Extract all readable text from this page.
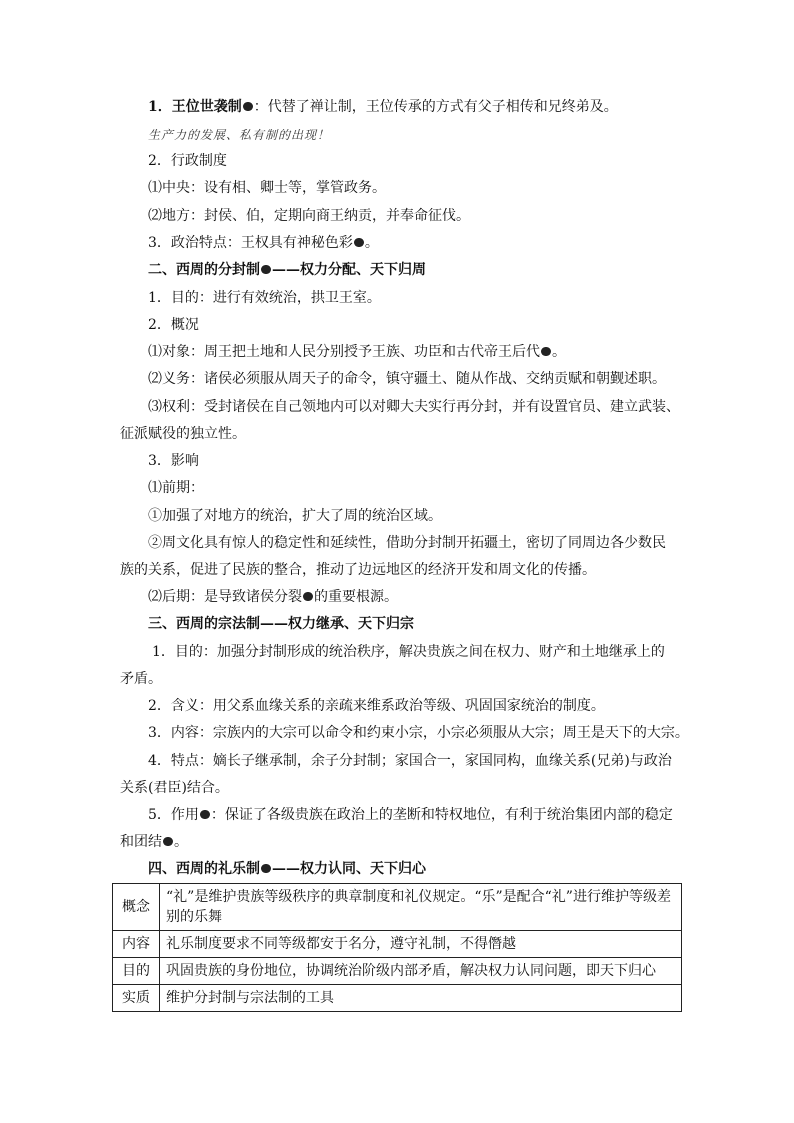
1．王位世袭制 ：代替了禅让制，王位传承的方式有父子相传和兄终弟及。
生产力的发展、私有制的出现！
2．行政制度
⑴中央：设有相、卿士等，掌管政务。
⑵地方：封侯、伯，定期向商王纳贡，并奉命征伐。
3．政治特点：王权具有神秘色彩 。
二、西周的分封制 ——权力分配、天下归周
1．目的：进行有效统治，拱卫王室。
2．概况
⑴对象：周王把土地和人民分别授予王族、功臣和古代帝王后代 。
⑵义务：诸侯必须服从周天子的命令，镇守疆土、随从作战、交纳贡赋和朝觐述职。
⑶权利：受封诸侯在自己领地内可以对卿大夫实行再分封，并有设置官员、建立武装、
征派赋役的独立性。
3．影响
⑴前期：
①加强了对地方的统治，扩大了周的统治区域。
②周文化具有惊人的稳定性和延续性，借助分封制开拓疆土，密切了同周边各少数民
族的关系，促进了民族的整合，推动了边远地区的经济开发和周文化的传播。
⑵后期：是导致诸侯分裂 的重要根源。
三、西周的宗法制——权力继承、天下归宗
1．目的：加强分封制形成的统治秩序，解决贵族之间在权力、财产和土地继承上的
矛盾。
2．含义：用父系血缘关系的亲疏来维系政治等级、巩固国家统治的制度。
3．内容：宗族内的大宗可以命令和约束小宗，小宗必须服从大宗；周王是天下的大宗。
4．特点：嫡长子继承制，余子分封制；家国合一，家国同构，血缘关系(兄弟)与政治
关系(君臣)结合。
5．作用 ：保证了各级贵族在政治上的垄断和特权地位，有利于统治集团内部的稳定
和团结 。
四、西周的礼乐制 ——权力认同、天下归心
概念	“礼”是维护贵族等级秩序的典章制度和礼仪规定。“乐”是配合“礼”进行维护等级差别的乐舞
内容	礼乐制度要求不同等级都安于名分，遵守礼制，不得僭越
目的	巩固贵族的身份地位，协调统治阶级内部矛盾，解决权力认同问题，即天下归心
实质	维护分封制与宗法制的工具
